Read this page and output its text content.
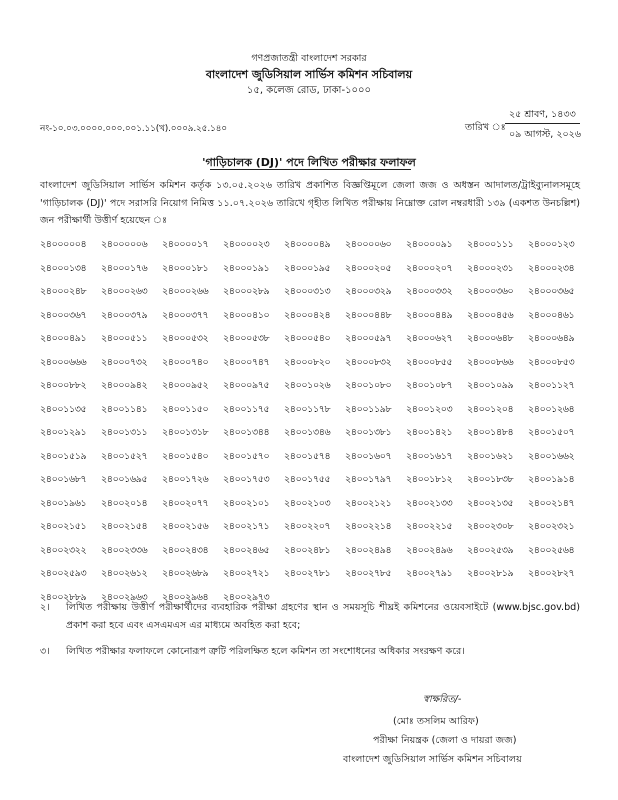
গণপ্রজাতন্ত্রী বাংলাদেশ সরকার
বাংলাদেশ জুডিসিয়াল সার্ভিস কমিশন সচিবালয়
১৫, কলেজ রোড, ঢাকা-১০০০
নং-১০.০৩.০০০০.০০০.০০১.১১(খ).০০০৯.২৫.১৪০	তারিখ ঃ
২৫ শ্রাবণ, ১৪৩৩
০৯ আগস্ট, ২০২৬
'গাড়িচালক (DJ)' পদে লিখিত পরীক্ষার ফলাফল
বাংলাদেশ জুডিসিয়াল সার্ভিস কমিশন কর্তৃক ১৩.০৫.২০২৬ তারিখ প্রকাশিত বিজ্ঞপ্তিমূলে জেলা জজ ও অধস্তন আদালত/ট্রাইব্যুনালসমূহে 'গাড়িচালক (DJ)' পদে সরাসরি নিয়োগ নিমিত্ত ১১.০৭.২০২৬ তারিখে গৃহীত লিখিত পরীক্ষায় নিম্নোক্ত রোল নম্বরধারী ১৩৯ (একশত উনচল্লিশ) জন পরীক্ষার্থী উত্তীর্ণ হয়েছেন ঃ
২৪০০০০০৪	২৪০০০০০৬	২৪০০০০১৭	২৪০০০০২৩	২৪০০০০৪৯	২৪০০০০৬০	২৪০০০০৯১	২৪০০০১১১	২৪০০০১২৩
২৪০০০১৩৪	২৪০০০১৭৬	২৪০০০১৮১	২৪০০০১৯১	২৪০০০১৯৫	২৪০০০২০৫	২৪০০০২০৭	২৪০০০২৩১	২৪০০০২৩৪
২৪০০০২৪৮	২৪০০০২৬৩	২৪০০০২৬৬	২৪০০০২৮৯	২৪০০০৩১৩	২৪০০০৩২৯	২৪০০০৩৩২	২৪০০০৩৬০	২৪০০০৩৬৫
২৪০০০৩৬৭	২৪০০০৩৭৯	২৪০০০৩৭৭	২৪০০০৪১০	২৪০০০৪২৪	২৪০০০৪৪৮	২৪০০০৪৪৯	২৪০০০৪৫৬	২৪০০০৪৬১
২৪০০০৪৯১	২৪০০০৫১১	২৪০০০৫৩২	২৪০০০৫৩৮	২৪০০০৫৪০	২৪০০০৫৯৭	২৪০০০৬২৭	২৪০০০৬৪৮	২৪০০০৬৪৯
২৪০০০৬৬৬	২৪০০০৭৩২	২৪০০০৭৪০	২৪০০০৭৪৭	২৪০০০৮২০	২৪০০০৮৩২	২৪০০০৮৫৫	২৪০০০৮৬৬	২৪০০০৮৫৩
২৪০০০৮৮২	২৪০০০৯৪২	২৪০০০৯৫২	২৪০০০৯৭৫	২৪০০১০২৬	২৪০০১০৮০	২৪০০১০৮৭	২৪০০১০৯৯	২৪০০১১২৭
২৪০০১১৩৫	২৪০০১১৪১	২৪০০১১৫০	২৪০০১১৭৫	২৪০০১১৭৮	২৪০০১১৯৮	২৪০০১২০৩	২৪০০১২০৪	২৪০০১২৬৪
২৪০০১২৯১	২৪০০১৩১১	২৪০০১৩১৮	২৪০০১৩৪৪	২৪০০১৩৪৬	২৪০০১৩৮১	২৪০০১৪২১	২৪০০১৪৮৪	২৪০০১৫০৭
২৪০০১৫১৯	২৪০০১৫২৭	২৪০০১৫৪০	২৪০০১৫৭০	২৪০০১৫৭৪	২৪০০১৬০৭	২৪০০১৬১৭	২৪০০১৬২১	২৪০০১৬৬২
২৪০০১৬৮৭	২৪০০১৬৯৫	২৪০০১৭২৬	২৪০০১৭৫৩	২৪০০১৭৫৫	২৪০০১৭৯৭	২৪০০১৮১২	২৪০০১৮৩৮	২৪০০১৯১৪
২৪০০১৯৬১	২৪০০২০১৪	২৪০০২০৭৭	২৪০০২১০১	২৪০০২১০৩	২৪০০২১২১	২৪০০২১৩৩	২৪০০২১৩৫	২৪০০২১৪৭
২৪০০২১৫১	২৪০০২১৫৪	২৪০০২১৫৬	২৪০০২১৭১	২৪০০২২০৭	২৪০০২২১৪	২৪০০২২১৫	২৪০০২৩০৮	২৪০০২৩২১
২৪০০২৩২২	২৪০০২৩৩৬	২৪০০২৪৩৪	২৪০০২৪৬৫	২৪০০২৪৮১	২৪০০২৪৯৪	২৪০০২৪৯৬	২৪০০২৫৩৯	২৪০০২৫৬৪
২৪০০২৫৯৩	২৪০০২৬১২	২৪০০২৬৮৯	২৪০০২৭২১	২৪০০২৭৮১	২৪০০২৭৮৫	২৪০০২৭৯১	২৪০০২৮১৯	২৪০০২৮২৭
২৪০০২৮৮৯	২৪০০২৯৬৩	২৪০০২৯৬৪	২৪০০২৯৭৩
২। লিখিত পরীক্ষায় উত্তীর্ণ পরীক্ষার্থীদের ব্যবহারিক পরীক্ষা গ্রহণের স্থান ও সময়সূচি শীঘ্রই কমিশনের ওয়েবসাইটে (www.bjsc.gov.bd) প্রকাশ করা হবে এবং এসএমএস এর মাধ্যমে অবহিত করা হবে;
৩। লিখিত পরীক্ষার ফলাফলে কোনোরূপ ত্রুটি পরিলক্ষিত হলে কমিশন তা সংশোধনের অধিকার সংরক্ষণ করে।
স্বাক্ষরিত/-
(মোঃ তসলিম আরিফ)
পরীক্ষা নিয়ন্ত্রক (জেলা ও দায়রা জজ)
বাংলাদেশ জুডিসিয়াল সার্ভিস কমিশন সচিবালয়
